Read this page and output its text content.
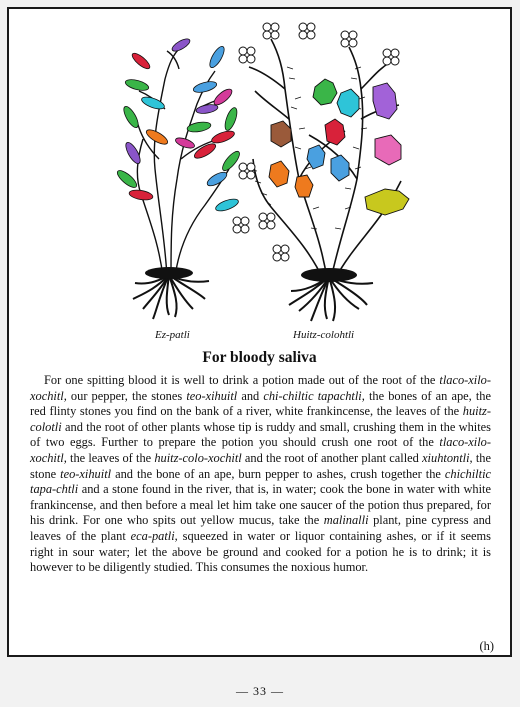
Ez-patli	Huitz-colohtli
For bloody saliva

For one spitting blood it is well to drink a potion made out of the root of the tlaco-xilo-xochitl, our pepper, the stones teo-xihuitl and chi-chiltic tapachtli, the bones of an ape, the red flinty stones you find on the bank of a river, white frankincense, the leaves of the huitz-colotli and the root of other plants whose tip is ruddy and small, crushing them in the whites of two eggs. Further to prepare the potion you should crush one root of the tlaco-xilo-xochitl, the leaves of the huitz-colo-xochitl and the root of another plant called xiuhtontli, the stone teo-xihuitl and the bone of an ape, burn pepper to ashes, crush together the chichiltic tapa-chtli and a stone found in the river, that is, in water; cook the bone in water with white frankincense, and then before a meal let him take one saucer of the potion thus prepared, for his drink. For one who spits out yellow mucus, take the malinalli plant, pine cypress and leaves of the plant eca-patli, squeezed in water or liquor containing ashes, or if it seems right in sour water; let the above be ground and cooked for a potion he is to drink; it is however to be diligently studied. This consumes the noxious humor.

(h)
— 33 —
